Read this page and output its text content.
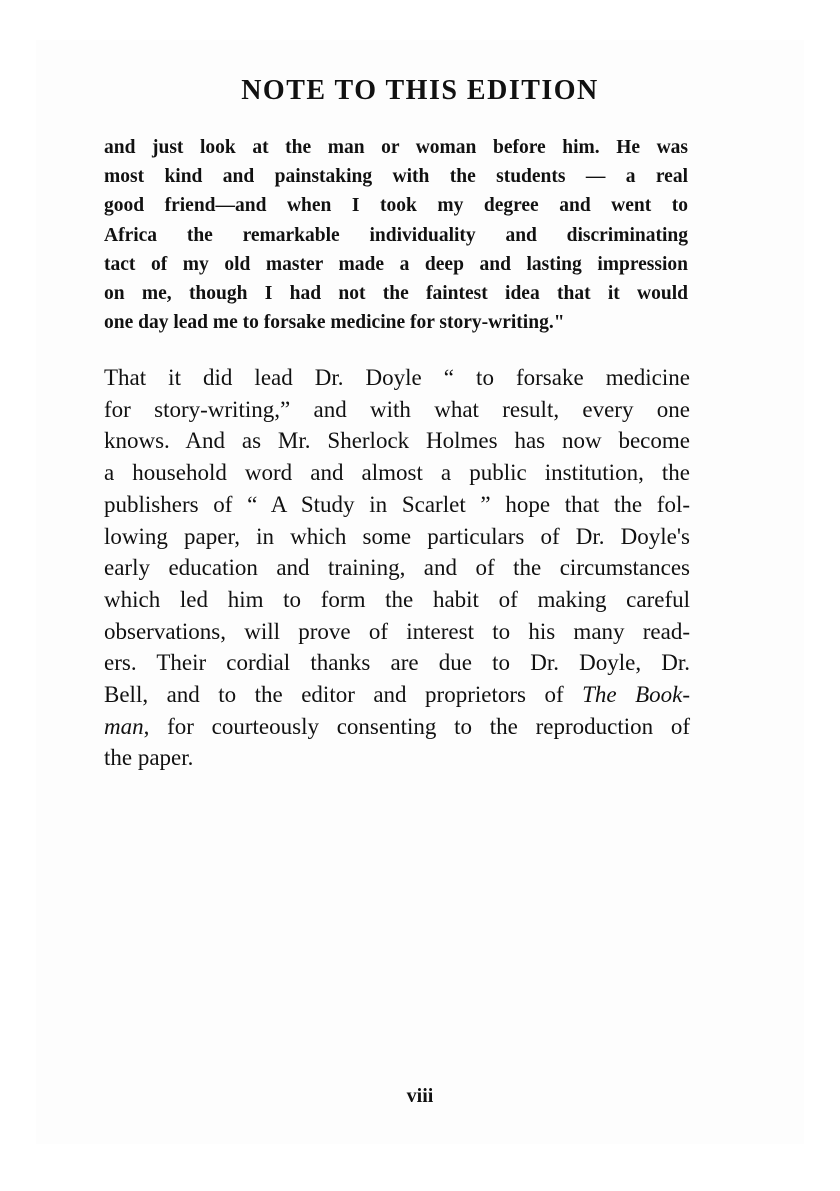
NOTE TO THIS EDITION
and just look at the man or woman before him. He was
most kind and painstaking with the students — a real
good friend—and when I took my degree and went to
Africa the remarkable individuality and discriminating
tact of my old master made a deep and lasting impression
on me, though I had not the faintest idea that it would
one day lead me to forsake medicine for story-writing."
That it did lead Dr. Doyle “ to forsake medicine
for story-writing,” and with what result, every one
knows. And as Mr. Sherlock Holmes has now become
a household word and almost a public institution, the
publishers of “ A Study in Scarlet ” hope that the fol-
lowing paper, in which some particulars of Dr. Doyle's
early education and training, and of the circumstances
which led him to form the habit of making careful
observations, will prove of interest to his many read-
ers. Their cordial thanks are due to Dr. Doyle, Dr.
Bell, and to the editor and proprietors of The Book-
man, for courteously consenting to the reproduction of
the paper.
viii
